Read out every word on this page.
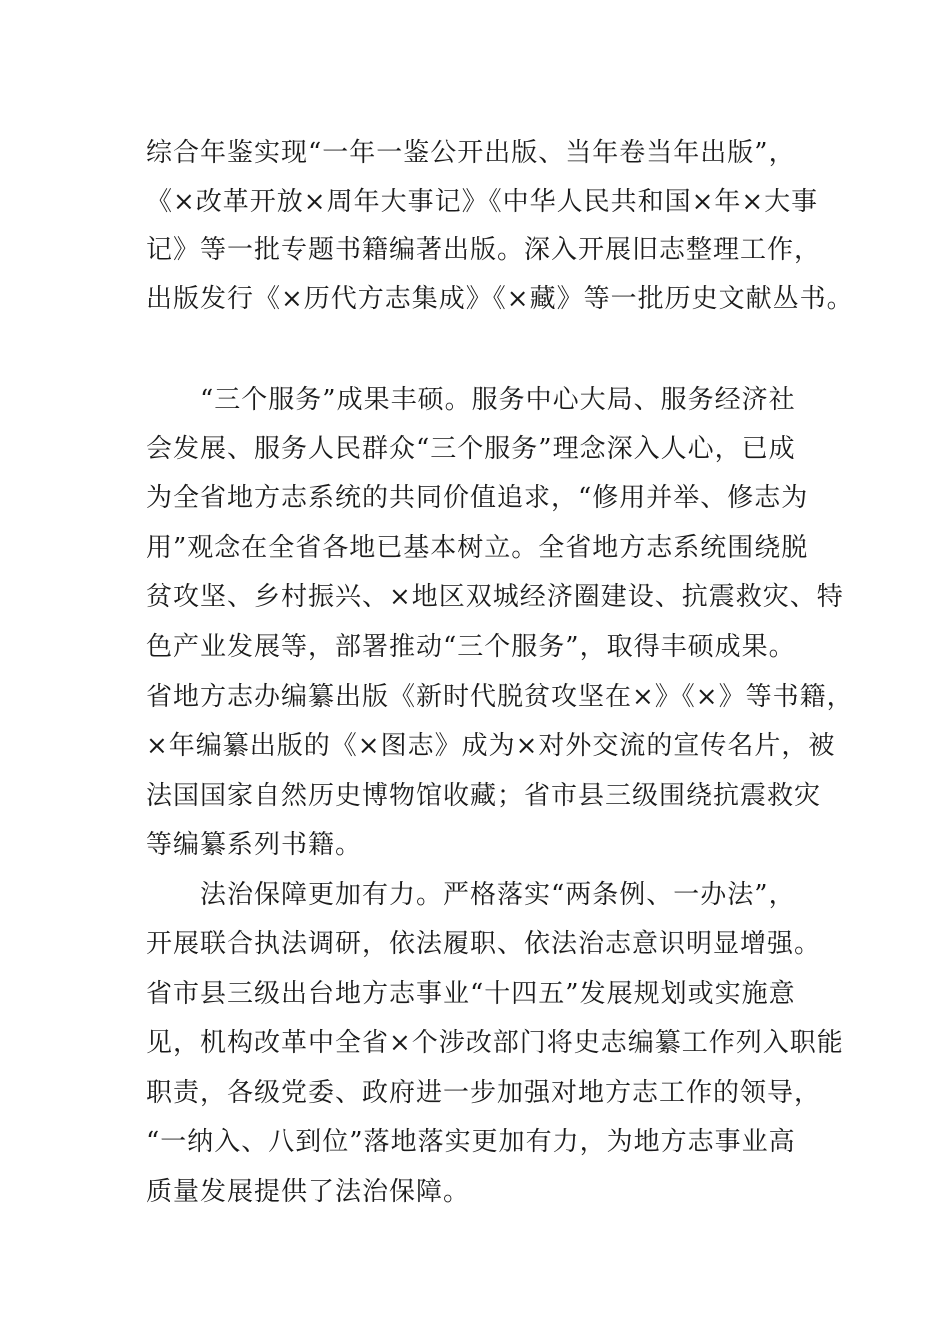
综合年鉴实现“一年一鉴公开出版、当年卷当年出版”，
《×改革开放×周年大事记》《中华人民共和国×年×大事
记》等一批专题书籍编著出版。深入开展旧志整理工作，
出版发行《×历代方志集成》《×藏》等一批历史文献丛书。
“三个服务”成果丰硕。服务中心大局、服务经济社
会发展、服务人民群众“三个服务”理念深入人心，已成
为全省地方志系统的共同价值追求，“修用并举、修志为
用”观念在全省各地已基本树立。全省地方志系统围绕脱
贫攻坚、乡村振兴、×地区双城经济圈建设、抗震救灾、特
色产业发展等，部署推动“三个服务”，取得丰硕成果。
省地方志办编纂出版《新时代脱贫攻坚在×》《×》等书籍，
×年编纂出版的《×图志》成为×对外交流的宣传名片，被
法国国家自然历史博物馆收藏；省市县三级围绕抗震救灾
等编纂系列书籍。
法治保障更加有力。严格落实“两条例、一办法”，
开展联合执法调研，依法履职、依法治志意识明显增强。
省市县三级出台地方志事业“十四五”发展规划或实施意
见，机构改革中全省×个涉改部门将史志编纂工作列入职能
职责，各级党委、政府进一步加强对地方志工作的领导，
“一纳入、八到位”落地落实更加有力，为地方志事业高
质量发展提供了法治保障。
